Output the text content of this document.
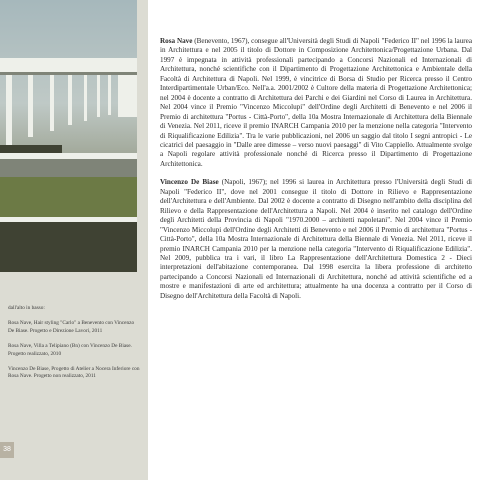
dall'alto in basso:

Rosa Nave, Hair styling "Carlo" a Benevento con Vincenzo De Biase. Progetto e Direzione Lavori, 2011

Rosa Nave, Villa a Telipiano (Bn) con Vincenzo De Biase. Progetto realizzato, 2010

Vincenzo De Biase, Progetto di Atelier a Nocera Inferiore con Rosa Nave. Progetto non realizzato, 2011

38

Rosa Nave (Benevento, 1967), consegue all'Università degli Studi di Napoli "Federico II" nel 1996 la laurea in Architettura e nel 2005 il titolo di Dottore in Composizione Architettonica/Progettazione Urbana. Dal 1997 è impegnata in attività professionali partecipando a Concorsi Nazionali ed Internazionali di Architettura, nonché scientifiche con il Dipartimento di Progettazione Architettonica e Ambientale della Facoltà di Architettura di Napoli. Nel 1999, è vincitrice di Borsa di Studio per Ricerca presso il Centro Interdipartimentale Urban/Eco. Nell'a.a. 2001/2002 è Cultore della materia di Progettazione Architettonica; nel 2004 è docente a contratto di Architettura dei Parchi e dei Giardini nel Corso di Laurea in Architettura. Nel 2004 vince il Premio "Vincenzo Miccolupi" dell'Ordine degli Architetti di Benevento e nel 2006 il Premio di architettura "Portus - Città-Porto", della 10a Mostra Internazionale di Architettura della Biennale di Venezia. Nel 2011, riceve il premio INARCH Campania 2010 per la menzione nella categoria "Intervento di Riqualificazione Edilizia". Tra le varie pubblicazioni, nel 2006 un saggio dal titolo I segni antropici - Le cicatrici del paesaggio in "Dalle aree dimesse – verso nuovi paesaggi" di Vito Cappiello. Attualmente svolge a Napoli regolare attività professionale nonché di Ricerca presso il Dipartimento di Progettazione Architettonica.

Vincenzo De Biase (Napoli, 1967); nel 1996 si laurea in Architettura presso l'Università degli Studi di Napoli "Federico II", dove nel 2001 consegue il titolo di Dottore in Rilievo e Rappresentazione dell'Architettura e dell'Ambiente. Dal 2002 è docente a contratto di Disegno nell'ambito della disciplina del Rilievo e della Rappresentazione dell'Architettura a Napoli. Nel 2004 è inserito nel catalogo dell'Ordine degli Architetti della Provincia di Napoli "1970.2000 – architetti napoletani". Nel 2004 vince il Premio "Vincenzo Miccolupi dell'Ordine degli Architetti di Benevento e nel 2006 il Premio di architettura "Portus - Città-Porto", della 10a Mostra Internazionale di Architettura della Biennale di Venezia. Nel 2011, riceve il premio INARCH Campania 2010 per la menzione nella categoria "Intervento di Riqualificazione Edilizia". Nel 2009, pubblica tra i vari, il libro La Rappresentazione dell'Architettura Domestica 2 - Dieci interpretazioni dell'abitazione contemporanea. Dal 1998 esercita la libera professione di architetto partecipando a Concorsi Nazionali ed Internazionali di Architettura, nonché ad attività scientifiche ed a mostre e manifestazioni di arte ed architettura; attualmente ha una docenza a contratto per il Corso di Disegno dell'Architettura della Facoltà di Napoli.
